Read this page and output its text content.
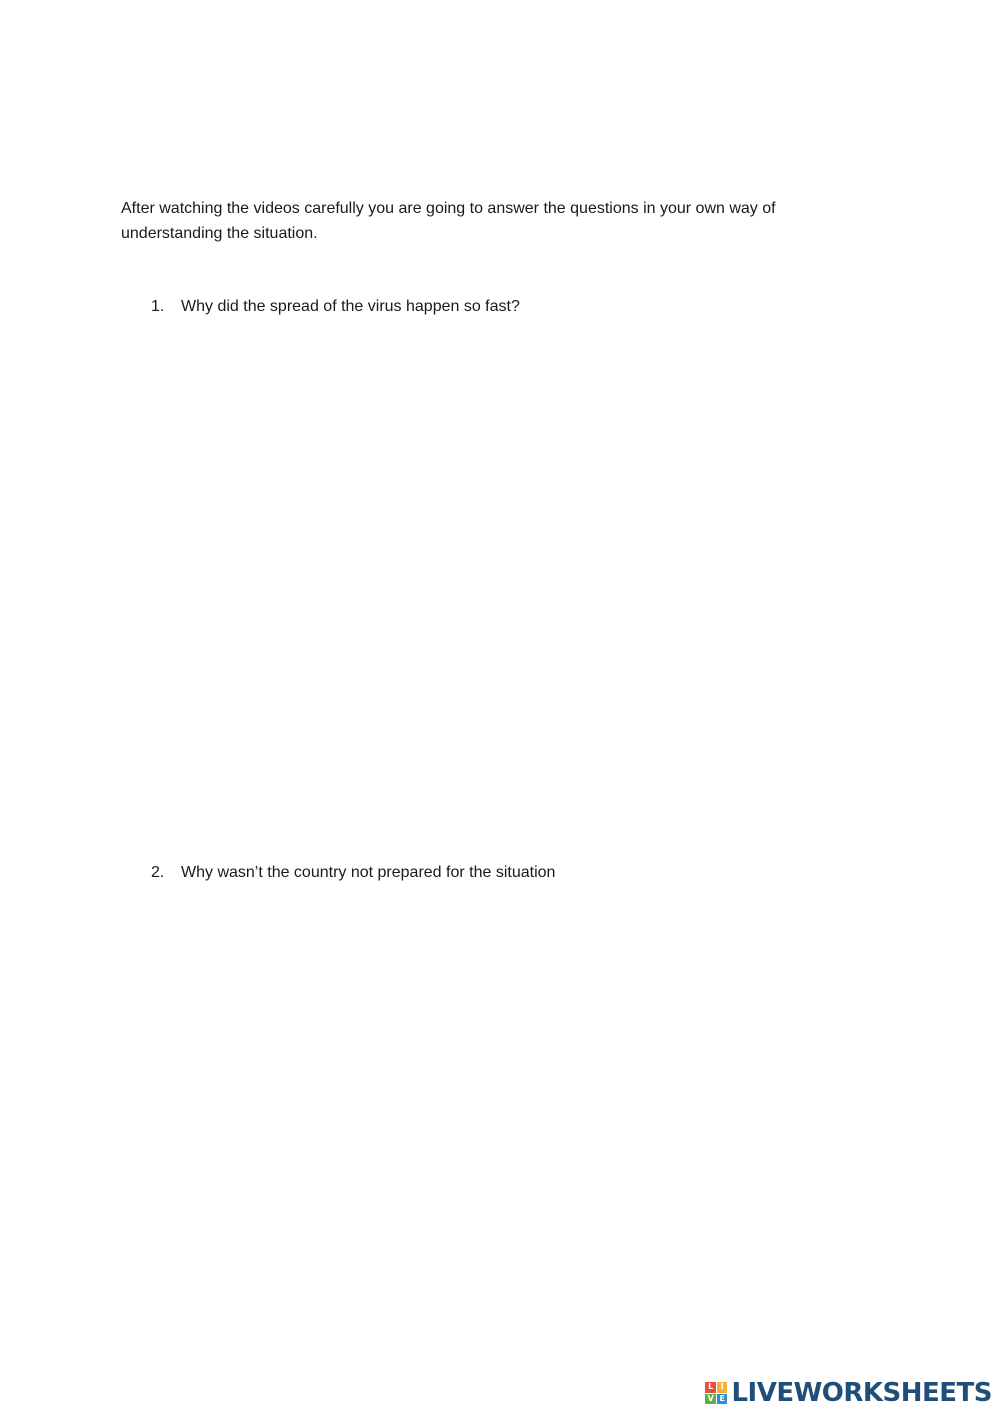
After watching the videos carefully you are going to answer the questions in your own way of understanding the situation.
1.	Why did the spread of the virus happen so fast?
2.	Why wasn’t the country not prepared for the situation
L I
V E LIVEWORKSHEETS
